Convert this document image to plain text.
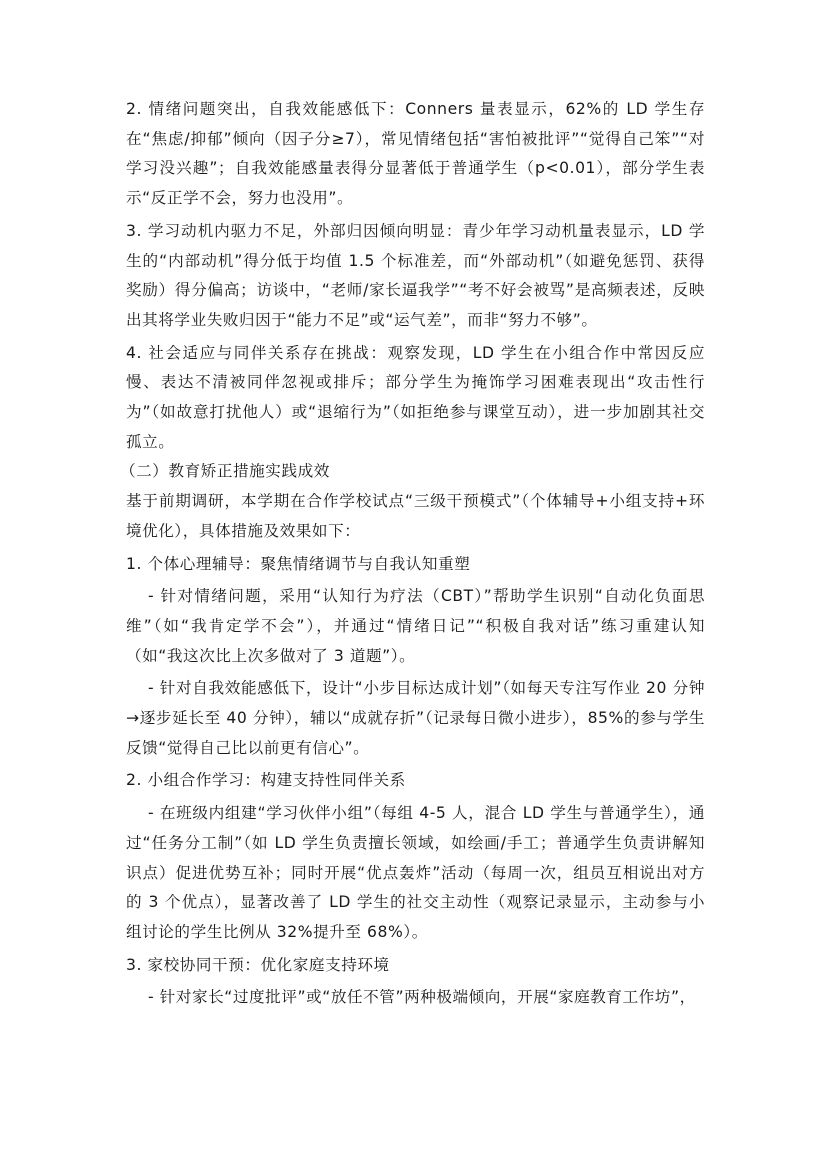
2. 情绪问题突出，自我效能感低下：Conners 量表显示，62%的 LD 学生存在“焦虑/抑郁”倾向（因子分≥7），常见情绪包括“害怕被批评”“觉得自己笨”“对学习没兴趣”；自我效能感量表得分显著低于普通学生（p<0.01），部分学生表示“反正学不会，努力也没用”。

3. 学习动机内驱力不足，外部归因倾向明显：青少年学习动机量表显示，LD 学生的“内部动机”得分低于均值 1.5 个标准差，而“外部动机”（如避免惩罚、获得奖励）得分偏高；访谈中，“老师/家长逼我学”“考不好会被骂”是高频表述，反映出其将学业失败归因于“能力不足”或“运气差”，而非“努力不够”。

4. 社会适应与同伴关系存在挑战：观察发现，LD 学生在小组合作中常因反应慢、表达不清被同伴忽视或排斥；部分学生为掩饰学习困难表现出“攻击性行为”（如故意打扰他人）或“退缩行为”（如拒绝参与课堂互动），进一步加剧其社交孤立。

（二）教育矫正措施实践成效

基于前期调研，本学期在合作学校试点“三级干预模式”（个体辅导+小组支持+环境优化），具体措施及效果如下：

1. 个体心理辅导：聚焦情绪调节与自我认知重塑

- 针对情绪问题，采用“认知行为疗法（CBT）”帮助学生识别“自动化负面思维”（如“我肯定学不会”），并通过“情绪日记”“积极自我对话”练习重建认知（如“我这次比上次多做对了 3 道题”）。

- 针对自我效能感低下，设计“小步目标达成计划”（如每天专注写作业 20 分钟→逐步延长至 40 分钟），辅以“成就存折”（记录每日微小进步），85%的参与学生反馈“觉得自己比以前更有信心”。

2. 小组合作学习：构建支持性同伴关系

- 在班级内组建“学习伙伴小组”（每组 4-5 人，混合 LD 学生与普通学生），通过“任务分工制”（如 LD 学生负责擅长领域，如绘画/手工；普通学生负责讲解知识点）促进优势互补；同时开展“优点轰炸”活动（每周一次，组员互相说出对方的 3 个优点），显著改善了 LD 学生的社交主动性（观察记录显示，主动参与小组讨论的学生比例从 32%提升至 68%）。

3. 家校协同干预：优化家庭支持环境

- 针对家长“过度批评”或“放任不管”两种极端倾向，开展“家庭教育工作坊”，
